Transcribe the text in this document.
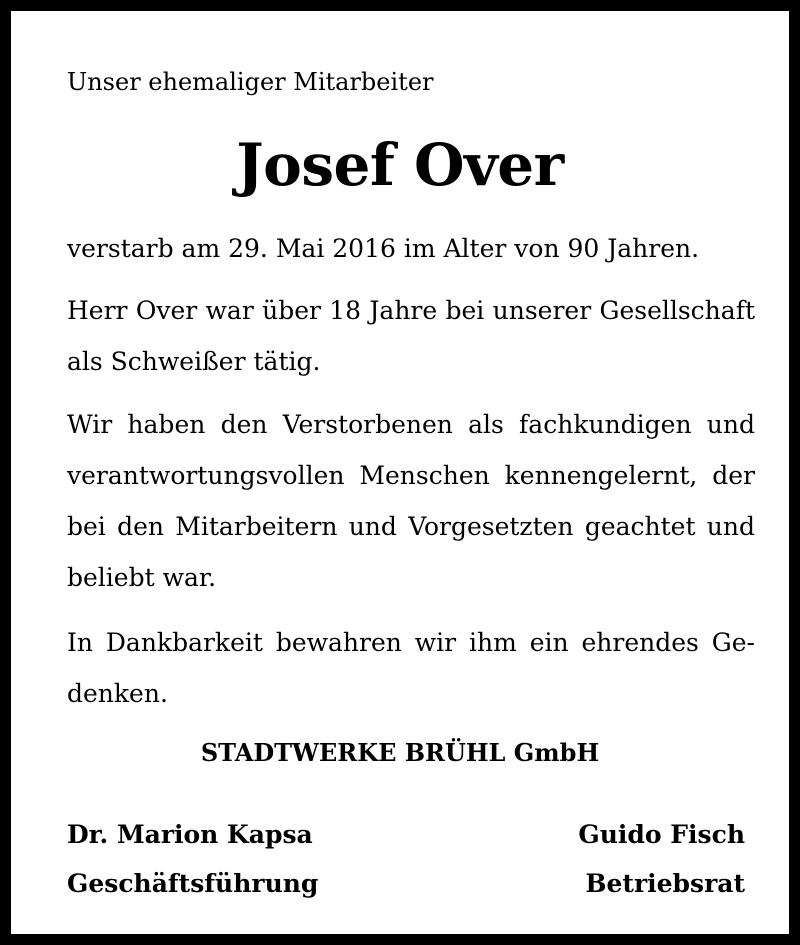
Unser ehemaliger Mitarbeiter
Josef Over
verstarb am 29. Mai 2016 im Alter von 90 Jahren.
Herr Over war über 18 Jahre bei unserer Gesellschaft
als Schweißer tätig.
Wir haben den Verstorbenen als fachkundigen und
verantwortungsvollen Menschen kennengelernt, der
bei den Mitarbeitern und Vorgesetzten geachtet und
beliebt war.
In Dankbarkeit bewahren wir ihm ein ehrendes Ge-
denken.
STADTWERKE BRÜHL GmbH
Dr. Marion Kapsa
Geschäftsführung
Guido Fisch
Betriebsrat
